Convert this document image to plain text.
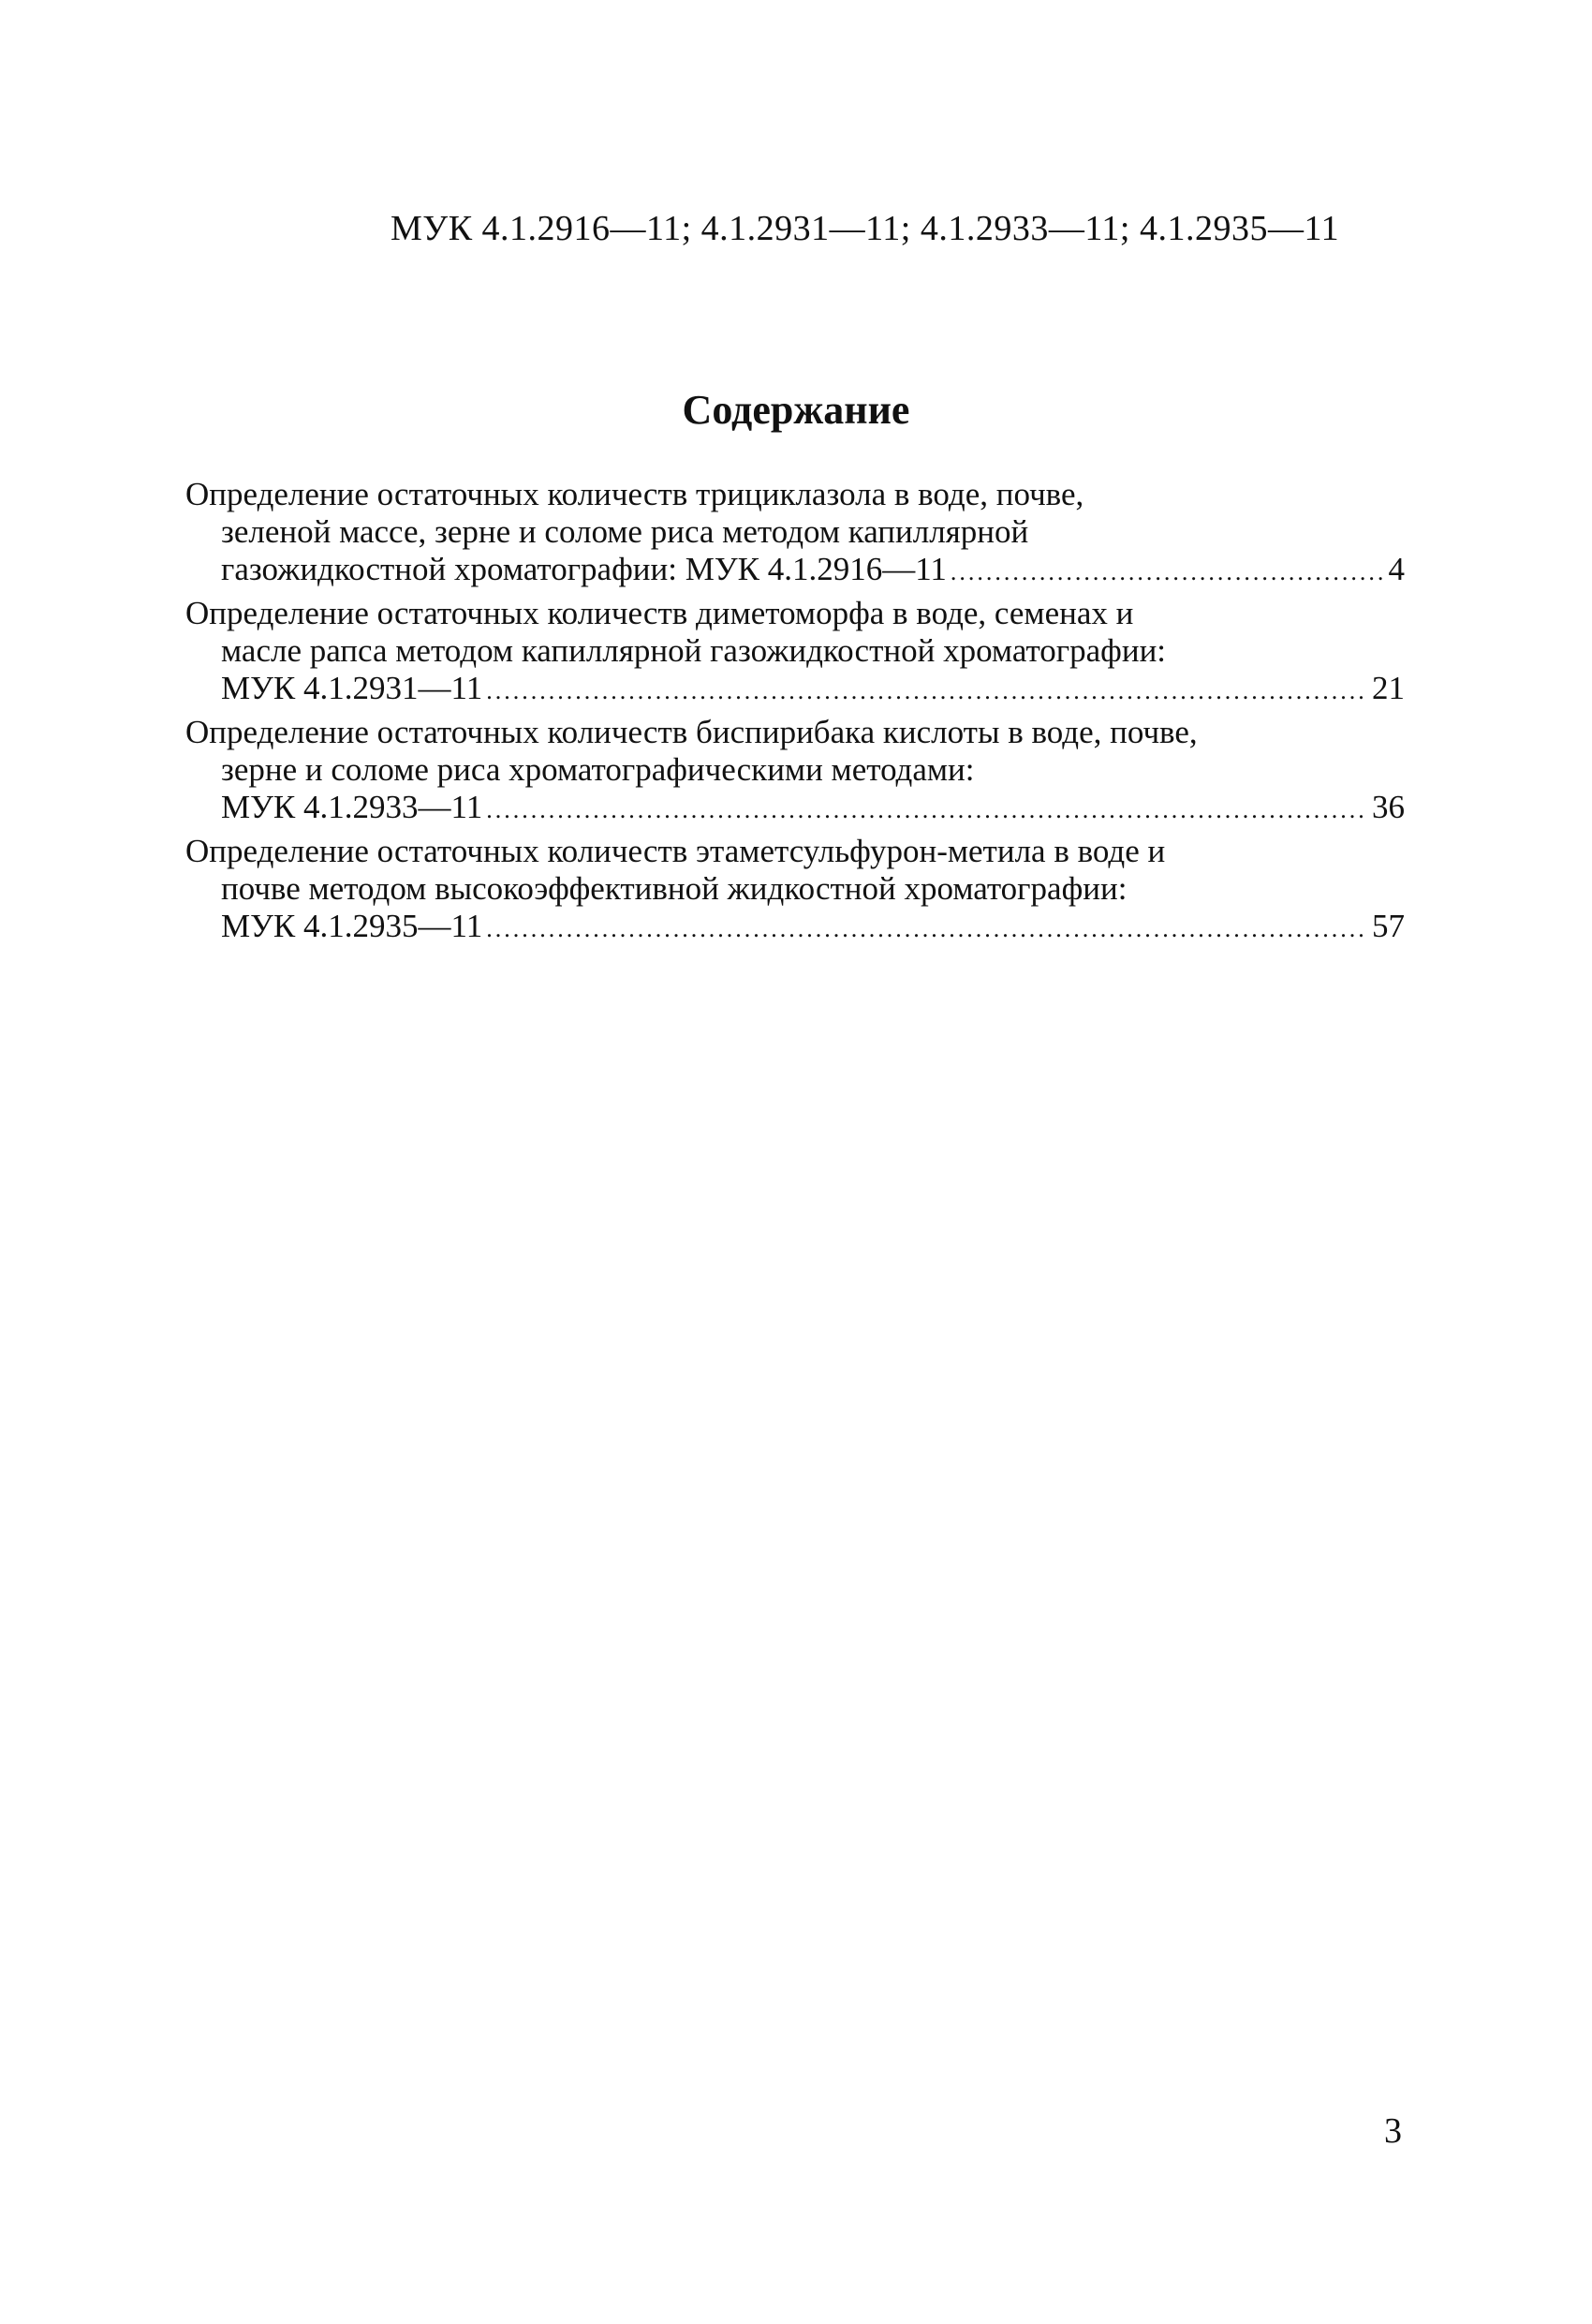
МУК 4.1.2916—11; 4.1.2931—11; 4.1.2933—11; 4.1.2935—11
Содержание
Определение остаточных количеств трициклазола в воде, почве,
зеленой массе, зерне и соломе риса методом капиллярной
газожидкостной хроматографии: МУК 4.1.2916—11 .....	4
Определение остаточных количеств диметоморфа в воде, семенах и
масле рапса методом капиллярной газожидкостной хроматографии:
МУК 4.1.2931—11 .....	21
Определение остаточных количеств биспирибака кислоты в воде, почве,
зерне и соломе риса хроматографическими методами:
МУК 4.1.2933—11 .....	36
Определение остаточных количеств этаметсульфурон-метила в воде и
почве методом высокоэффективной жидкостной хроматографии:
МУК 4.1.2935—11 .....	57
3
